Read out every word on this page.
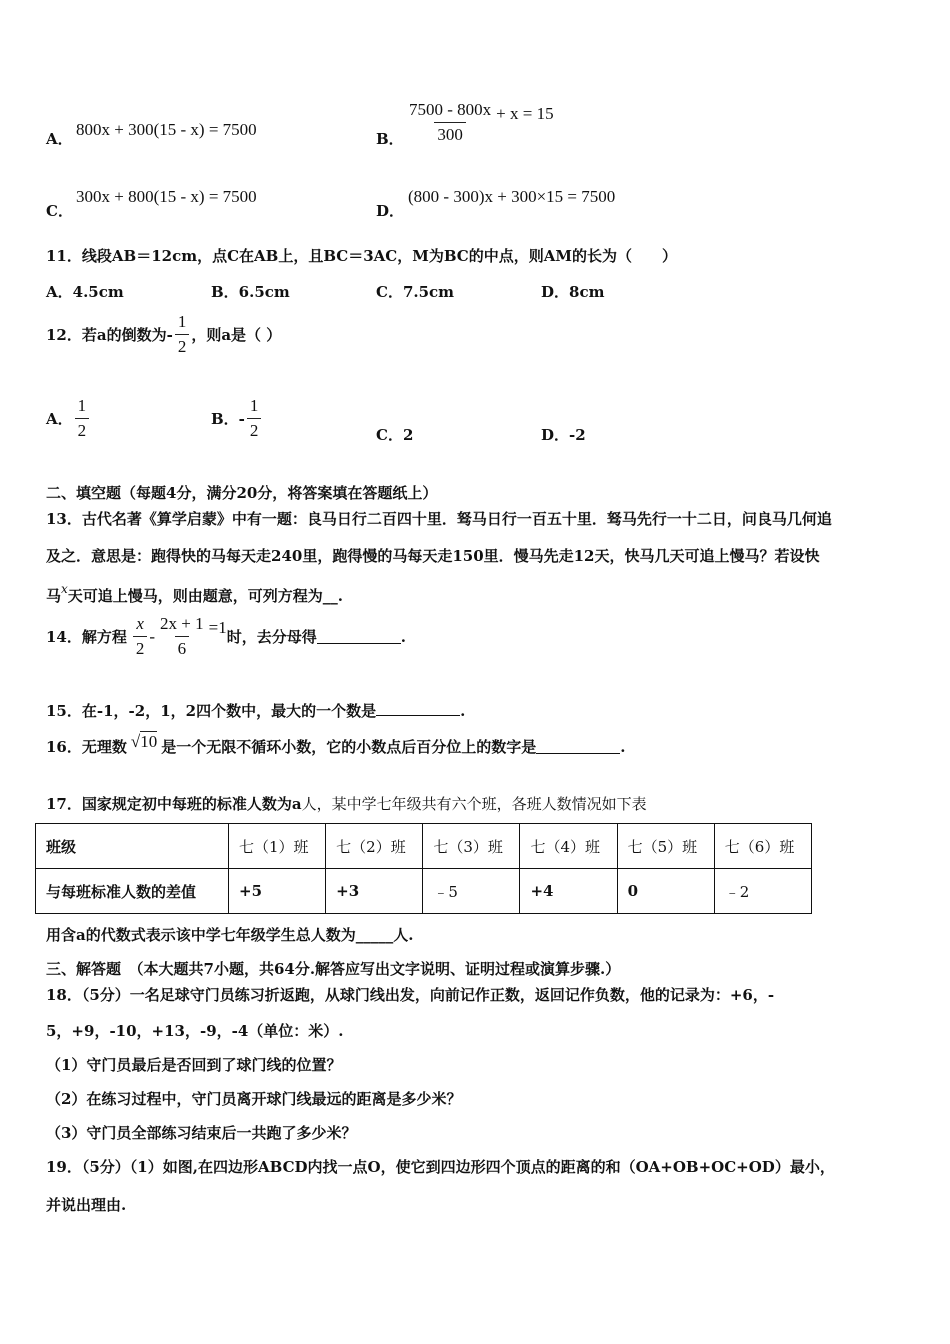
A． 800x + 300(15 - x) = 7500	B． $\frac{7500 - 800x}{300} + x = 15$
C．
300x + 800(15 - x) = 7500
D．
(800 - 300)x + 300×15 = 7500
11．线段AB＝12cm，点C在AB上，且BC＝3AC，M为BC的中点，则AM的长为（　　）
A．4.5cm	B．6.5cm	C．7.5cm	D．8cm
12．若a的倒数为- $\frac{1}{2}$ ，则a是（ ）
A． $\frac{1}{2}$	B．- $\frac{1}{2}$	C．2	D．-2
二、填空题（每题4分，满分20分，将答案填在答题纸上）
13．古代名著《算学启蒙》中有一题：良马日行二百四十里．驽马日行一百五十里．驽马先行一十二日，问良马几何追
及之．意思是：跑得快的马每天走240里，跑得慢的马每天走150里．慢马先走12天，快马几天可追上慢马？若设快
马$^x$天可追上慢马，则由题意，可列方程为__.
14．解方程 $\frac{x}{2} - \frac{2x + 1}{6} =1$
时，去分母得	.
15．在-1，-2，1，2四个数中，最大的一个数是	.
16．无理数 √10 是一个无限不循环小数，它的小数点后百分位上的数字是	.
17．国家规定初中每班的标准人数为a人，某中学七年级共有六个班，各班人数情况如下表
班级	七（1）班	七（2）班	七（3）班	七（4）班	七（5）班	七（6）班
与每班标准人数的差值	+5	+3	﹣5	+4	0	﹣2
用含a的代数式表示该中学七年级学生总人数为_____人.
三、解答题　（本大题共7小题，共64分.解答应写出文字说明、证明过程或演算步骤.）
18．（5分）一名足球守门员练习折返跑，从球门线出发，向前记作正数，返回记作负数，他的记录为：+6，-
5，+9，-10，+13，-9，-4（单位：米）.
（1）守门员最后是否回到了球门线的位置？
（2）在练习过程中，守门员离开球门线最远的距离是多少米？
（3）守门员全部练习结束后一共跑了多少米？
19．（5分）（1）如图,在四边形ABCD内找一点O，使它到四边形四个顶点的距离的和（OA+OB+OC+OD）最小，
并说出理由.
